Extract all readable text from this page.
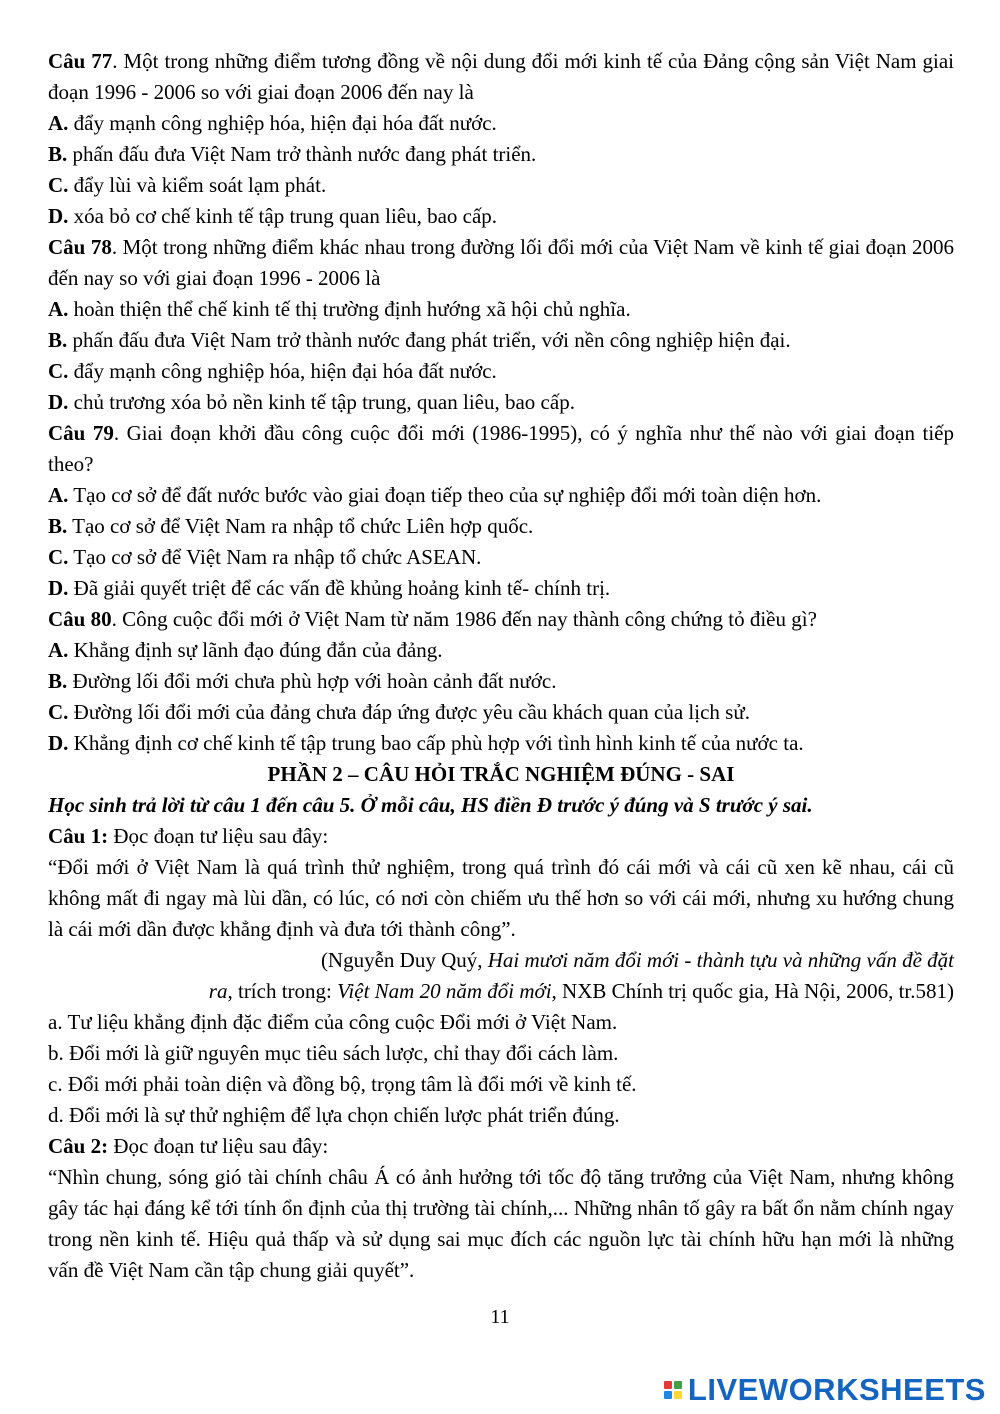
Câu 77. Một trong những điểm tương đồng về nội dung đổi mới kinh tế của Đảng cộng sản Việt Nam giai đoạn 1996 - 2006 so với giai đoạn 2006 đến nay là

A. đẩy mạnh công nghiệp hóa, hiện đại hóa đất nước.

B. phấn đấu đưa Việt Nam trở thành nước đang phát triển.

C. đẩy lùi và kiểm soát lạm phát.

D. xóa bỏ cơ chế kinh tế tập trung quan liêu, bao cấp.

Câu 78. Một trong những điểm khác nhau trong đường lối đổi mới của Việt Nam về kinh tế giai đoạn 2006 đến nay so với giai đoạn 1996 - 2006 là

A. hoàn thiện thể chế kinh tế thị trường định hướng xã hội chủ nghĩa.

B. phấn đấu đưa Việt Nam trở thành nước đang phát triển, với nền công nghiệp hiện đại.

C. đẩy mạnh công nghiệp hóa, hiện đại hóa đất nước.

D. chủ trương xóa bỏ nền kinh tế tập trung, quan liêu, bao cấp.

Câu 79. Giai đoạn khởi đầu công cuộc đổi mới (1986-1995), có ý nghĩa như thế nào với giai đoạn tiếp theo?

A. Tạo cơ sở để đất nước bước vào giai đoạn tiếp theo của sự nghiệp đổi mới toàn diện hơn.

B. Tạo cơ sở để Việt Nam ra nhập tổ chức Liên hợp quốc.

C. Tạo cơ sở để Việt Nam ra nhập tổ chức ASEAN.

D. Đã giải quyết triệt để các vấn đề khủng hoảng kinh tế- chính trị.

Câu 80. Công cuộc đổi mới ở Việt Nam từ năm 1986 đến nay thành công chứng tỏ điều gì?

A. Khẳng định sự lãnh đạo đúng đắn của đảng.

B. Đường lối đổi mới chưa phù hợp với hoàn cảnh đất nước.

C. Đường lối đổi mới của đảng chưa đáp ứng được yêu cầu khách quan của lịch sử.

D. Khẳng định cơ chế kinh tế tập trung bao cấp phù hợp với tình hình kinh tế của nước ta.

PHẦN 2 – CÂU HỎI TRẮC NGHIỆM ĐÚNG - SAI

Học sinh trả lời từ câu 1 đến câu 5. Ở mỗi câu, HS điền Đ trước ý đúng và S trước ý sai.

Câu 1: Đọc đoạn tư liệu sau đây:

“Đổi mới ở Việt Nam là quá trình thử nghiệm, trong quá trình đó cái mới và cái cũ xen kẽ nhau, cái cũ không mất đi ngay mà lùi dần, có lúc, có nơi còn chiếm ưu thế hơn so với cái mới, nhưng xu hướng chung là cái mới dần được khẳng định và đưa tới thành công”.

(Nguyễn Duy Quý, Hai mươi năm đổi mới - thành tựu và những vấn đề đặt

ra, trích trong: Việt Nam 20 năm đổi mới, NXB Chính trị quốc gia, Hà Nội, 2006, tr.581)

a. Tư liệu khẳng định đặc điểm của công cuộc Đổi mới ở Việt Nam.

b. Đổi mới là giữ nguyên mục tiêu sách lược, chỉ thay đổi cách làm.

c. Đổi mới phải toàn diện và đồng bộ, trọng tâm là đổi mới về kinh tế.

d. Đổi mới là sự thử nghiệm để lựa chọn chiến lược phát triển đúng.

Câu 2: Đọc đoạn tư liệu sau đây:

“Nhìn chung, sóng gió tài chính châu Á có ảnh hưởng tới tốc độ tăng trưởng của Việt Nam, nhưng không gây tác hại đáng kể tới tính ổn định của thị trường tài chính,... Những nhân tố gây ra bất ổn nằm chính ngay trong nền kinh tế. Hiệu quả thấp và sử dụng sai mục đích các nguồn lực tài chính hữu hạn mới là những vấn đề Việt Nam cần tập chung giải quyết”.

11
LIVEWORKSHEETS
